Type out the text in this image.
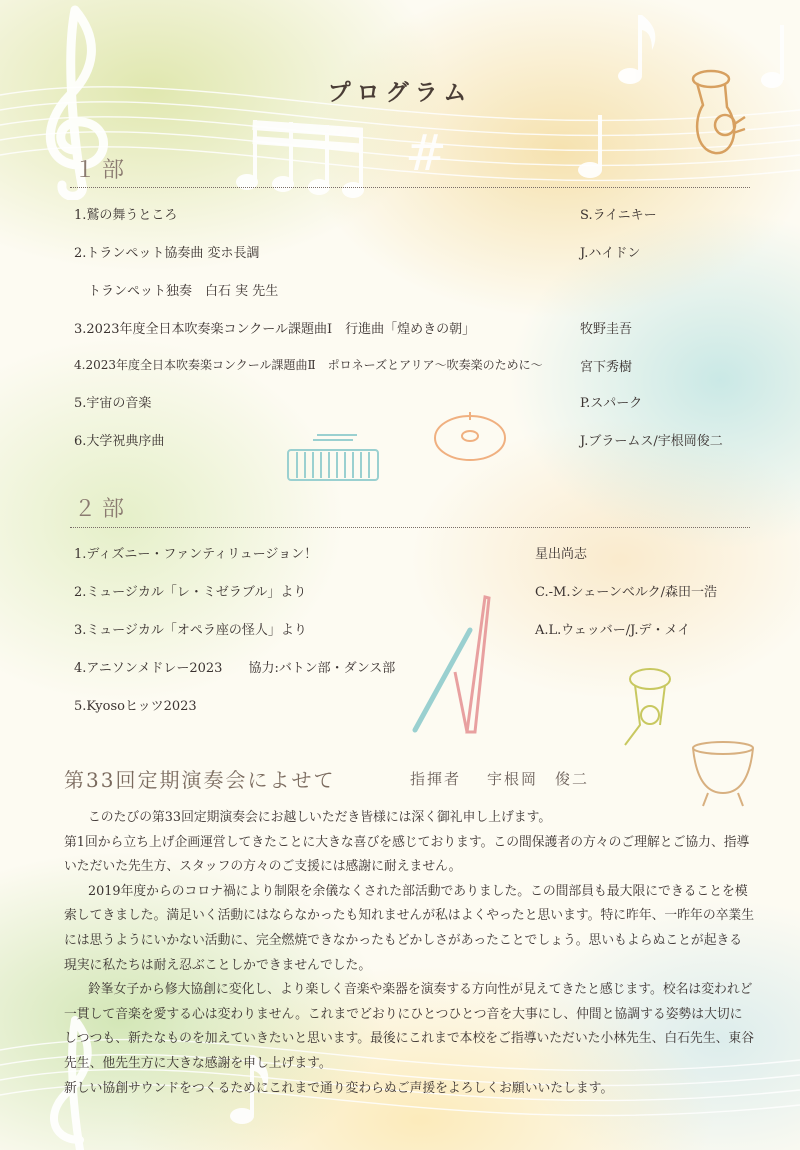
#
プログラム
１部
1.鷲の舞うところ	S.ライニキー
2.トランペット協奏曲 変ホ長調	J.ハイドン
トランペット独奏　白石 実 先生
3.2023年度全日本吹奏楽コンクール課題曲Ⅰ　行進曲「煌めきの朝」	牧野圭吾
4.2023年度全日本吹奏楽コンクール課題曲Ⅱ　ポロネーズとアリア〜吹奏楽のために〜	宮下秀樹
5.宇宙の音楽	P.スパーク
6.大学祝典序曲	J.ブラームス/宇根岡俊二
２部
1.ディズニー・ファンティリュージョン！	星出尚志
2.ミュージカル「レ・ミゼラブル」より	C.-M.シェーンベルク/森田一浩
3.ミュージカル「オペラ座の怪人」より	A.L.ウェッバー/J.デ・メイ
4.アニソンメドレー2023　　協力:バトン部・ダンス部
5.Kyosoヒッツ2023
第33回定期演奏会によせて	指揮者 宇根岡　俊二

このたびの第33回定期演奏会にお越しいただき皆様には深く御礼申し上げます。

第1回から立ち上げ企画運営してきたことに大きな喜びを感じております。この間保護者の方々のご理解とご協力、指導いただいた先生方、スタッフの方々のご支援には感謝に耐えません。

2019年度からのコロナ禍により制限を余儀なくされた部活動でありました。この間部員も最大限にできることを模索してきました。満足いく活動にはならなかったも知れませんが私はよくやったと思います。特に昨年、一昨年の卒業生には思うようにいかない活動に、完全燃焼できなかったもどかしさがあったことでしょう。思いもよらぬことが起きる現実に私たちは耐え忍ぶことしかできませんでした。

鈴峯女子から修大協創に変化し、より楽しく音楽や楽器を演奏する方向性が見えてきたと感じます。校名は変われど一貫して音楽を愛する心は変わりません。これまでどおりにひとつひとつ音を大事にし、仲間と協調する姿勢は大切にしつつも、新たなものを加えていきたいと思います。最後にこれまで本校をご指導いただいた小林先生、白石先生、東谷先生、他先生方に大きな感謝を申し上げます。

新しい協創サウンドをつくるためにこれまで通り変わらぬご声援をよろしくお願いいたします。
